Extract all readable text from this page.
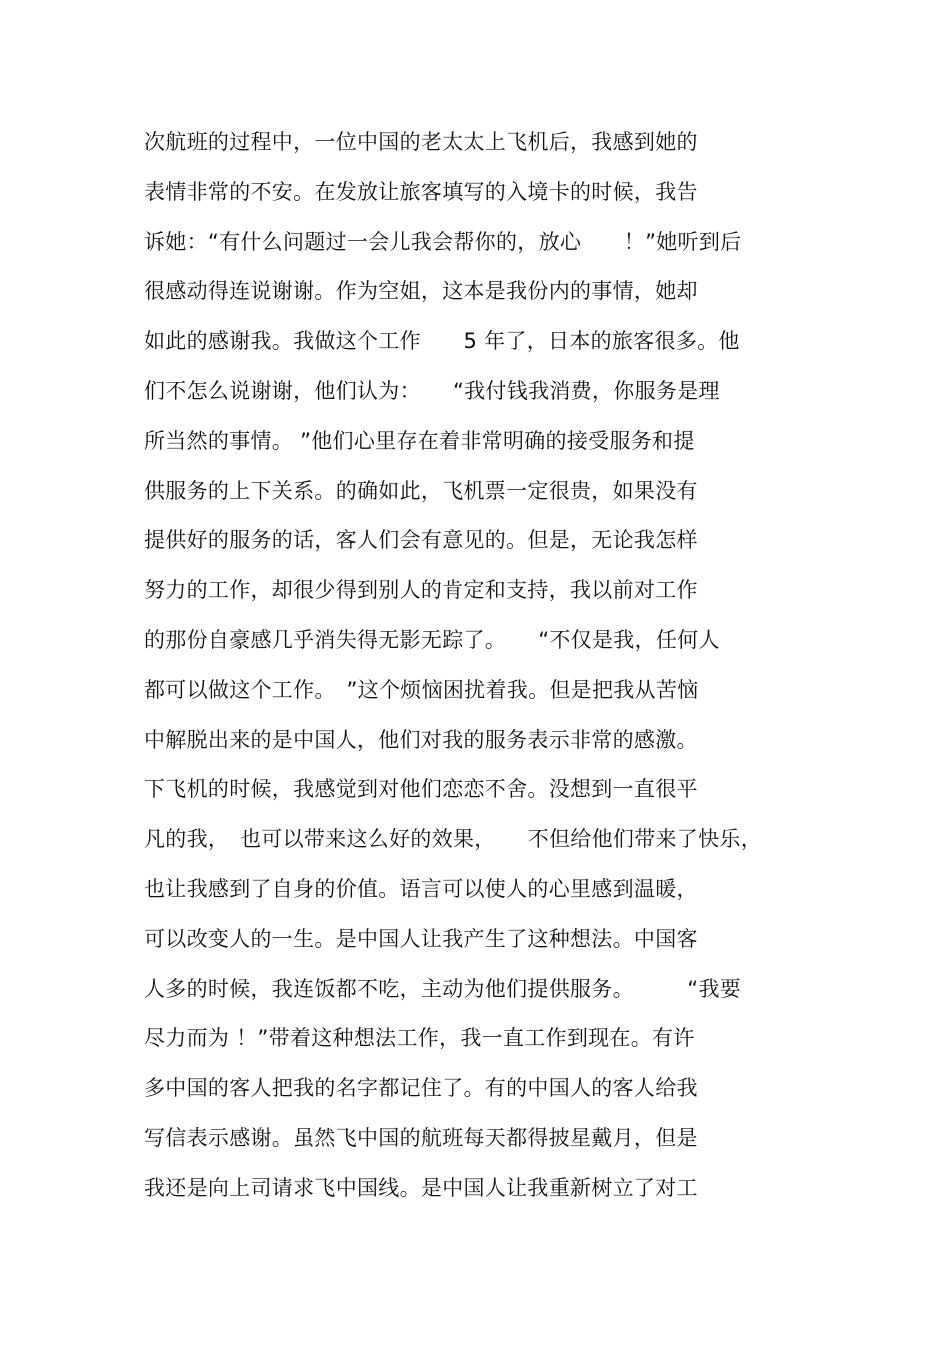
次航班的过程中，一位中国的老太太上飞机后，我感到她的
表情非常的不安。在发放让旅客填写的入境卡的时候，我告
诉她：“有什么问题过一会儿我会帮你的，放心　　！”她听到后
很感动得连说谢谢。作为空姐，这本是我份内的事情，她却
如此的感谢我。我做这个工作　　5 年了，日本的旅客很多。他
们不怎么说谢谢，他们认为：　　“我付钱我消费，你服务是理
所当然的事情。 ”他们心里存在着非常明确的接受服务和提
供服务的上下关系。的确如此，飞机票一定很贵，如果没有
提供好的服务的话，客人们会有意见的。但是，无论我怎样
努力的工作，却很少得到别人的肯定和支持，我以前对工作
的那份自豪感几乎消失得无影无踪了。　　“不仅是我，任何人
都可以做这个工作。　”这个烦恼困扰着我。但是把我从苦恼
中解脱出来的是中国人，他们对我的服务表示非常的感激。
下飞机的时候，我感觉到对他们恋恋不舍。没想到一直很平
凡的我，　也可以带来这么好的效果，　　不但给他们带来了快乐，
也让我感到了自身的价值。语言可以使人的心里感到温暖，
可以改变人的一生。是中国人让我产生了这种想法。中国客
人多的时候，我连饭都不吃，主动为他们提供服务。　　　“我要
尽力而为 ！”带着这种想法工作，我一直工作到现在。有许
多中国的客人把我的名字都记住了。有的中国人的客人给我
写信表示感谢。虽然飞中国的航班每天都得披星戴月，但是
我还是向上司请求飞中国线。是中国人让我重新树立了对工
